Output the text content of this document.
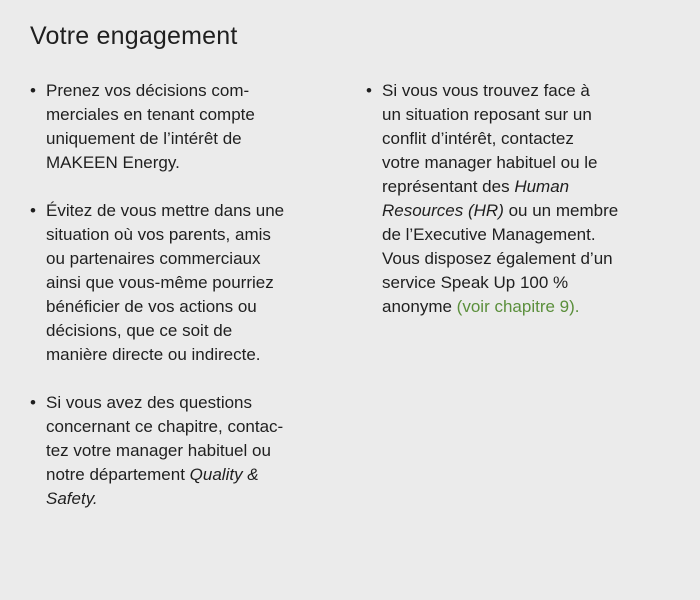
Votre engagement
• Prenez vos décisions com-
merciales en tenant compte
uniquement de l’intérêt de
MAKEEN Energy.
• Évitez de vous mettre dans une
situation où vos parents, amis
ou partenaires commerciaux
ainsi que vous-même pourriez
bénéficier de vos actions ou
décisions, que ce soit de
manière directe ou indirecte.
• Si vous avez des questions
concernant ce chapitre, contac-
tez votre manager habituel ou
notre département Quality &
Safety.
• Si vous vous trouvez face à
un situation reposant sur un
conflit d’intérêt, contactez
votre manager habituel ou le
représentant des Human
Resources (HR) ou un membre
de l’Executive Management.
Vous disposez également d’un
service Speak Up 100 %
anonyme (voir chapitre 9).
